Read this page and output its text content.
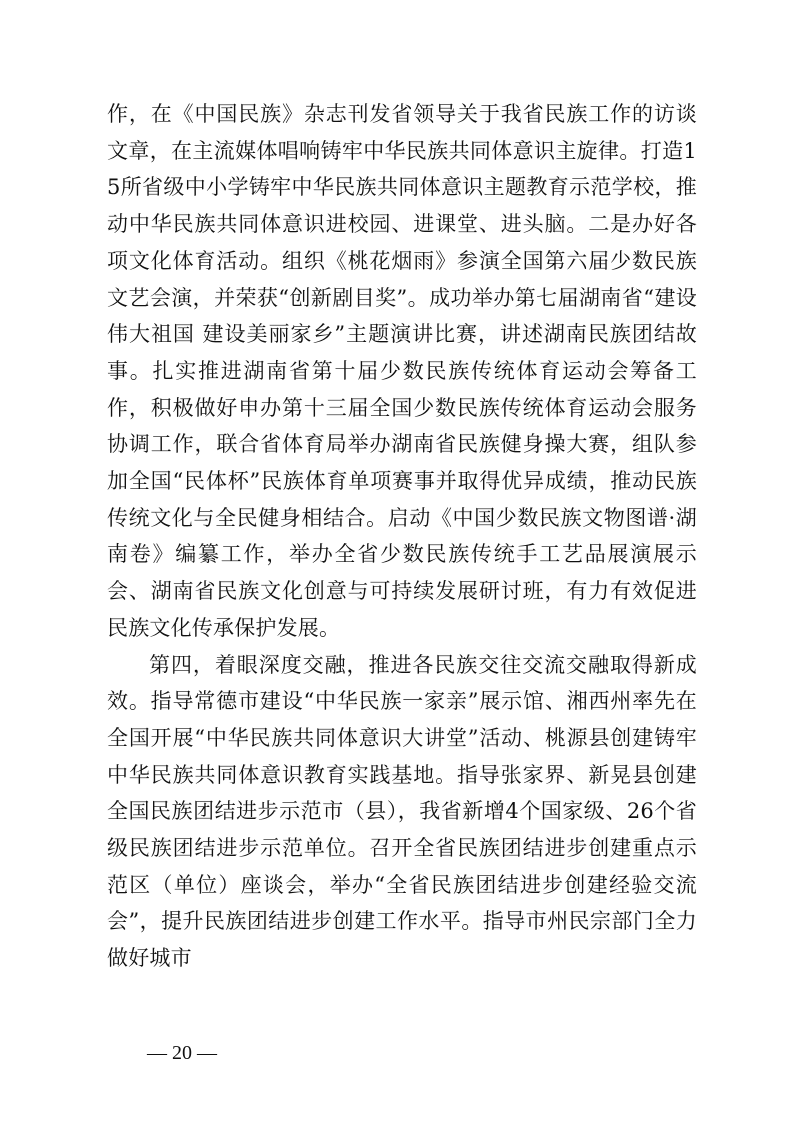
作，在《中国民族》杂志刊发省领导关于我省民族工作的访谈文章，在主流媒体唱响铸牢中华民族共同体意识主旋律。打造15所省级中小学铸牢中华民族共同体意识主题教育示范学校，推动中华民族共同体意识进校园、进课堂、进头脑。二是办好各项文化体育活动。组织《桃花烟雨》参演全国第六届少数民族文艺会演，并荣获“创新剧目奖”。成功举办第七届湖南省“建设伟大祖国 建设美丽家乡”主题演讲比赛，讲述湖南民族团结故事。扎实推进湖南省第十届少数民族传统体育运动会筹备工作，积极做好申办第十三届全国少数民族传统体育运动会服务协调工作，联合省体育局举办湖南省民族健身操大赛，组队参加全国“民体杯”民族体育单项赛事并取得优异成绩，推动民族传统文化与全民健身相结合。启动《中国少数民族文物图谱·湖南卷》编纂工作，举办全省少数民族传统手工艺品展演展示会、湖南省民族文化创意与可持续发展研讨班，有力有效促进民族文化传承保护发展。

第四，着眼深度交融，推进各民族交往交流交融取得新成效。指导常德市建设“中华民族一家亲”展示馆、湘西州率先在全国开展“中华民族共同体意识大讲堂”活动、桃源县创建铸牢中华民族共同体意识教育实践基地。指导张家界、新晃县创建全国民族团结进步示范市（县），我省新增4个国家级、26个省级民族团结进步示范单位。召开全省民族团结进步创建重点示范区（单位）座谈会，举办“全省民族团结进步创建经验交流会”，提升民族团结进步创建工作水平。指导市州民宗部门全力做好城市

— 20 —
